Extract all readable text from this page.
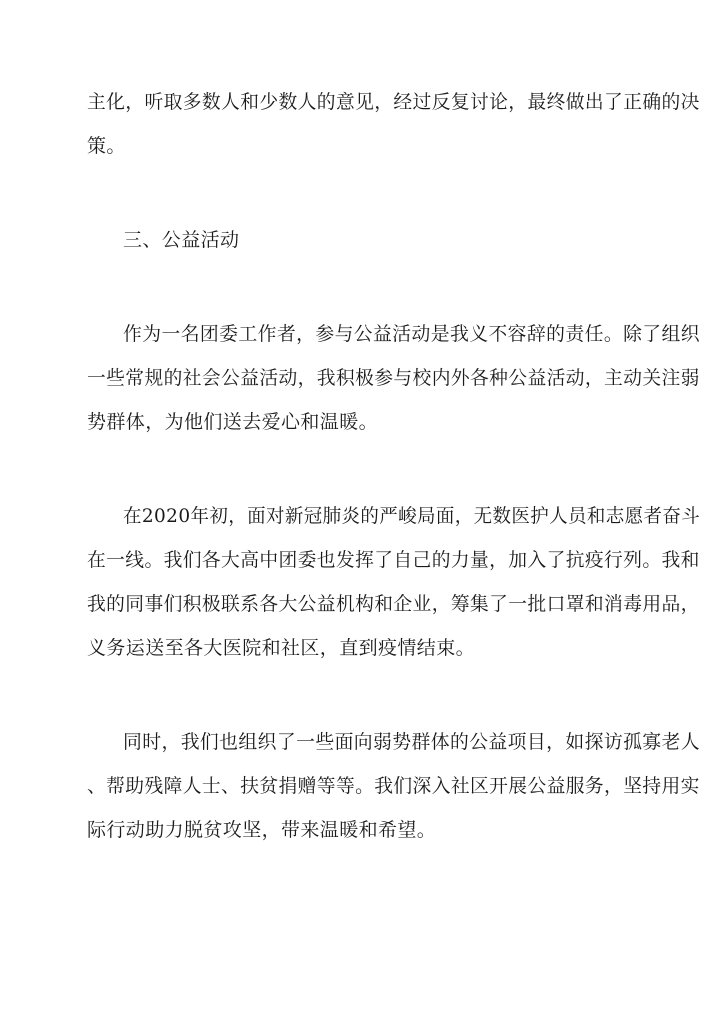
主化，听取多数人和少数人的意见，经过反复讨论，最终做出了正确的决
策。
三、公益活动
作为一名团委工作者，参与公益活动是我义不容辞的责任。除了组织
一些常规的社会公益活动，我积极参与校内外各种公益活动，主动关注弱
势群体，为他们送去爱心和温暖。
在2020年初，面对新冠肺炎的严峻局面，无数医护人员和志愿者奋斗
在一线。我们各大高中团委也发挥了自己的力量，加入了抗疫行列。我和
我的同事们积极联系各大公益机构和企业，筹集了一批口罩和消毒用品，
义务运送至各大医院和社区，直到疫情结束。
同时，我们也组织了一些面向弱势群体的公益项目，如探访孤寡老人
、帮助残障人士、扶贫捐赠等等。我们深入社区开展公益服务，坚持用实
际行动助力脱贫攻坚，带来温暖和希望。
